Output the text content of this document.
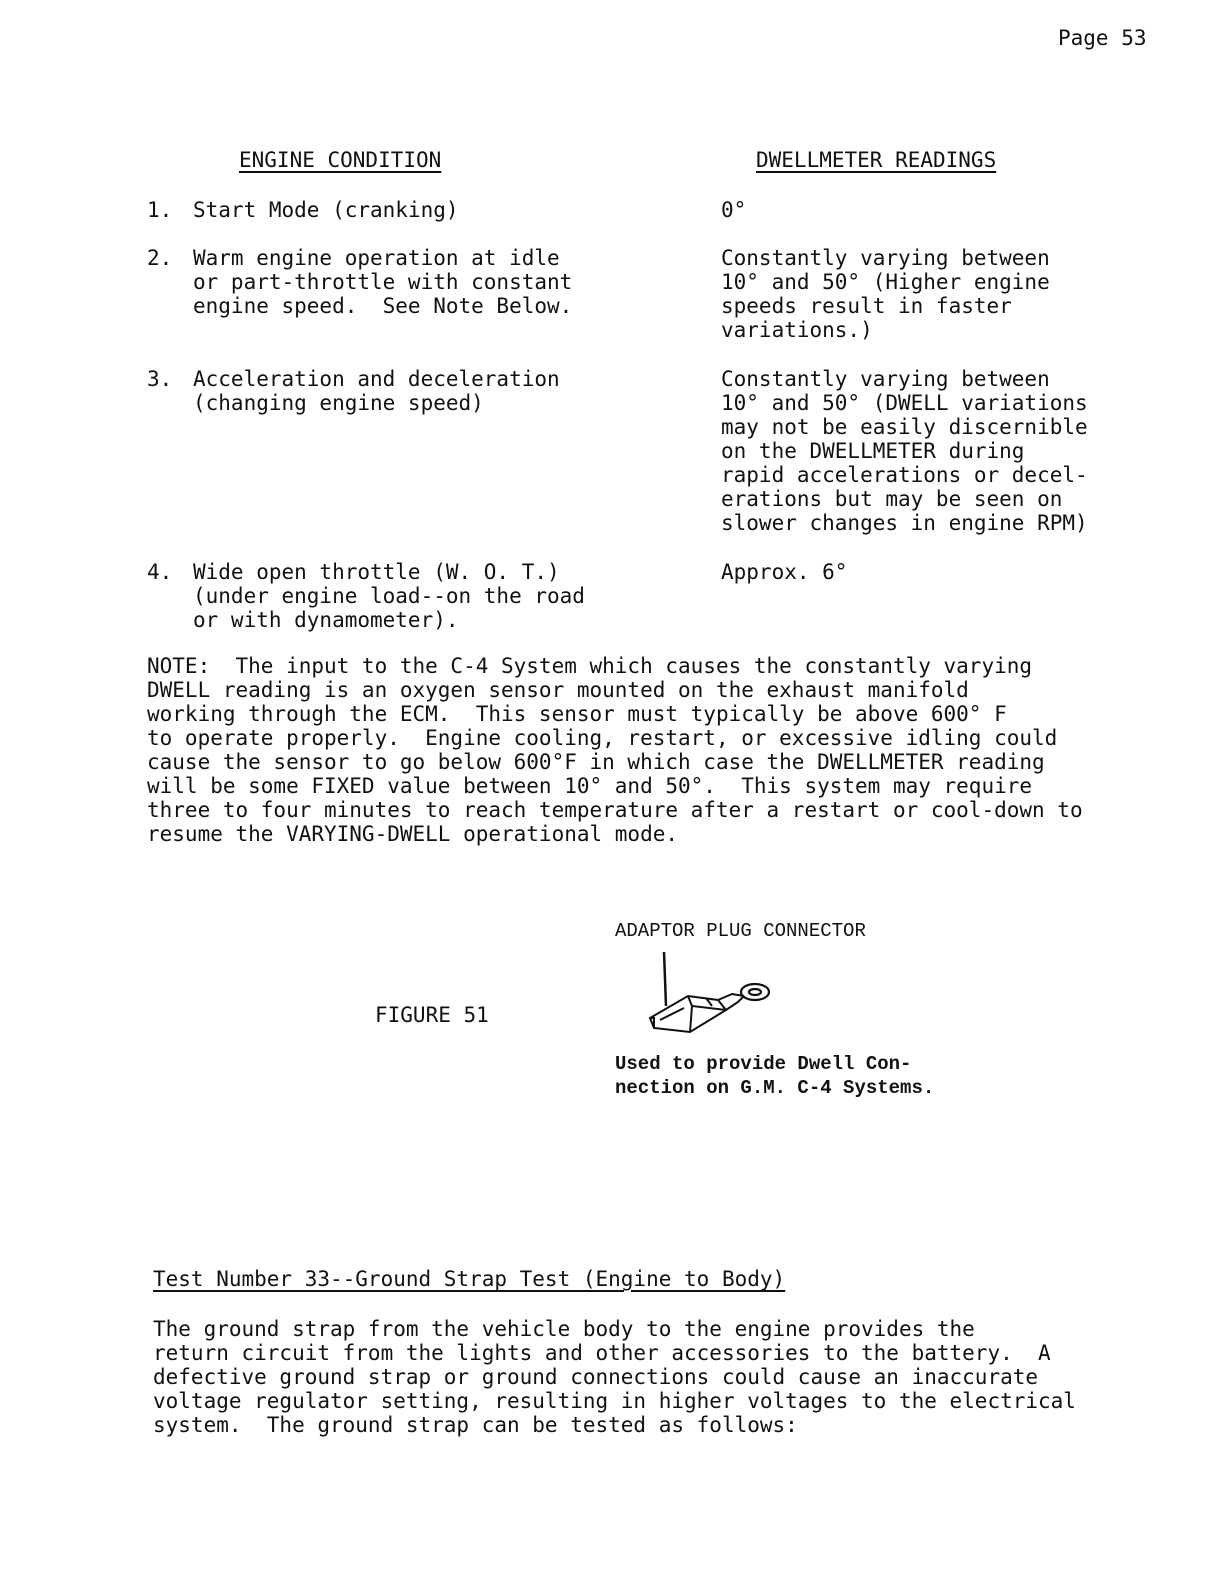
Page 53
ENGINE CONDITION	DWELLMETER READINGS
1. Start Mode (cranking)	0°
2. Warm engine operation at idle
or part-throttle with constant
engine speed.  See Note Below.
Constantly varying between
10° and 50° (Higher engine
speeds result in faster
variations.)
3. Acceleration and deceleration
(changing engine speed)
Constantly varying between
10° and 50° (DWELL variations
may not be easily discernible
on the DWELLMETER during
rapid accelerations or decel-
erations but may be seen on
slower changes in engine RPM)
4. Wide open throttle (W. O. T.)
(under engine load--on the road
or with dynamometer).
Approx. 6°
NOTE:  The input to the C-4 System which causes the constantly varying
DWELL reading is an oxygen sensor mounted on the exhaust manifold
working through the ECM.  This sensor must typically be above 600° F
to operate properly.  Engine cooling, restart, or excessive idling could
cause the sensor to go below 600°F in which case the DWELLMETER reading
will be some FIXED value between 10° and 50°.  This system may require
three to four minutes to reach temperature after a restart or cool-down to
resume the VARYING-DWELL operational mode.
ADAPTOR PLUG CONNECTOR
FIGURE 51
Used to provide Dwell Con-
nection on G.M. C-4 Systems.
Test Number 33--Ground Strap Test (Engine to Body)
The ground strap from the vehicle body to the engine provides the
return circuit from the lights and other accessories to the battery.  A
defective ground strap or ground connections could cause an inaccurate
voltage regulator setting, resulting in higher voltages to the electrical
system.  The ground strap can be tested as follows:
